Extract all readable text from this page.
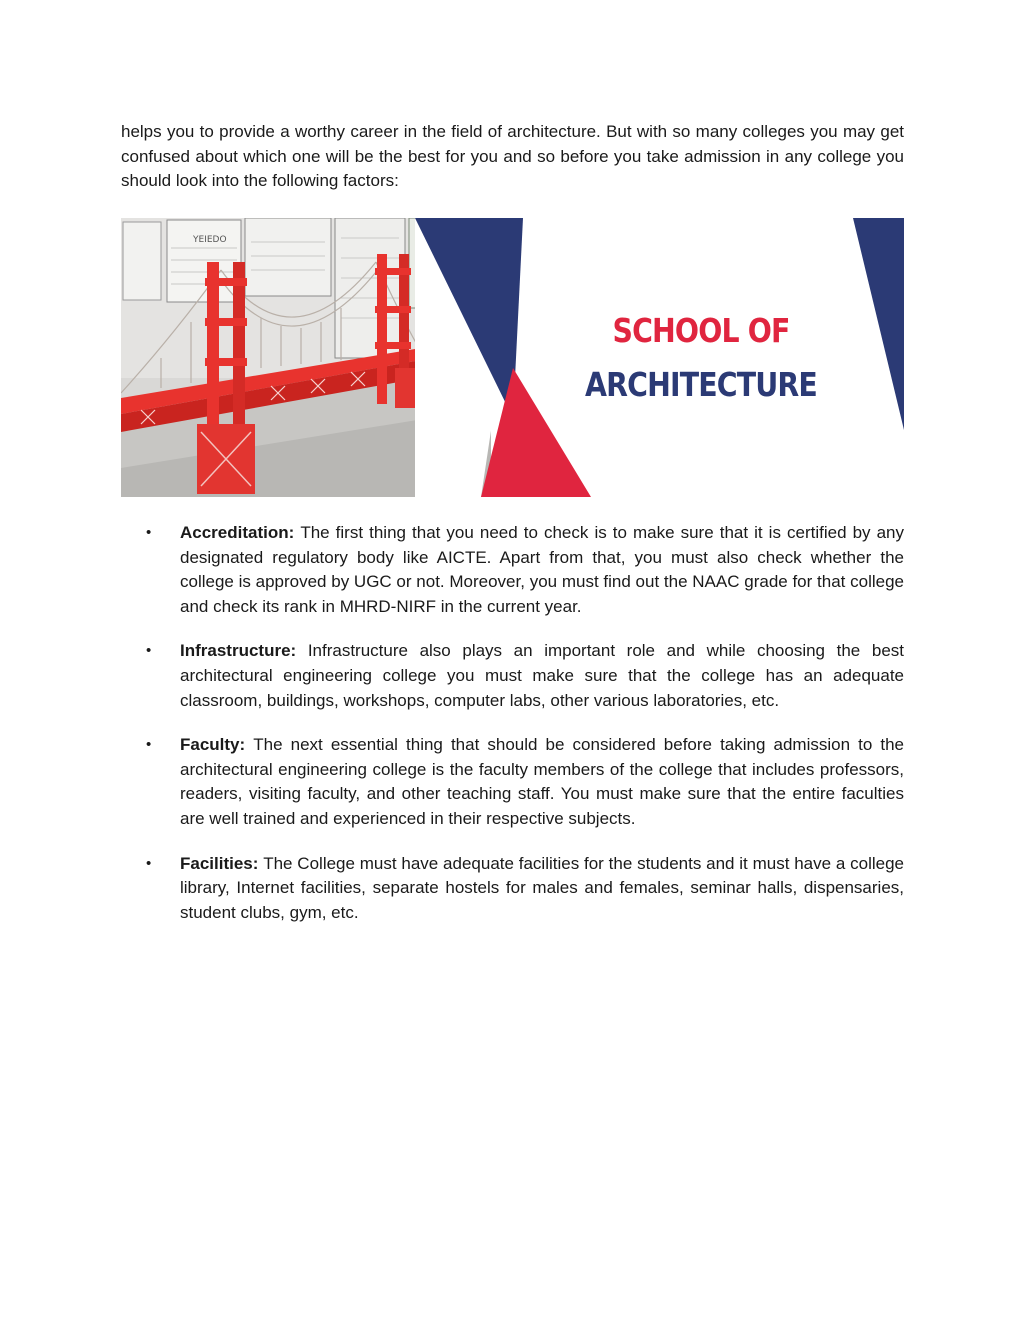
helps you to provide a worthy career in the field of architecture. But with so many colleges you may get confused about which one will be the best for you and so before you take admission in any college you should look into the following factors:

YEIEDO
SCHOOL OF
ARCHITECTURE
• Accreditation: The first thing that you need to check is to make sure that it is certified by any designated regulatory body like AICTE. Apart from that, you must also check whether the college is approved by UGC or not. Moreover, you must find out the NAAC grade for that college and check its rank in MHRD-NIRF in the current year.
• Infrastructure: Infrastructure also plays an important role and while choosing the best architectural engineering college you must make sure that the college has an adequate classroom, buildings, workshops, computer labs, other various laboratories, etc.
• Faculty: The next essential thing that should be considered before taking admission to the architectural engineering college is the faculty members of the college that includes professors, readers, visiting faculty, and other teaching staff. You must make sure that the entire faculties are well trained and experienced in their respective subjects.
• Facilities: The College must have adequate facilities for the students and it must have a college library, Internet facilities, separate hostels for males and females, seminar halls, dispensaries, student clubs, gym, etc.
